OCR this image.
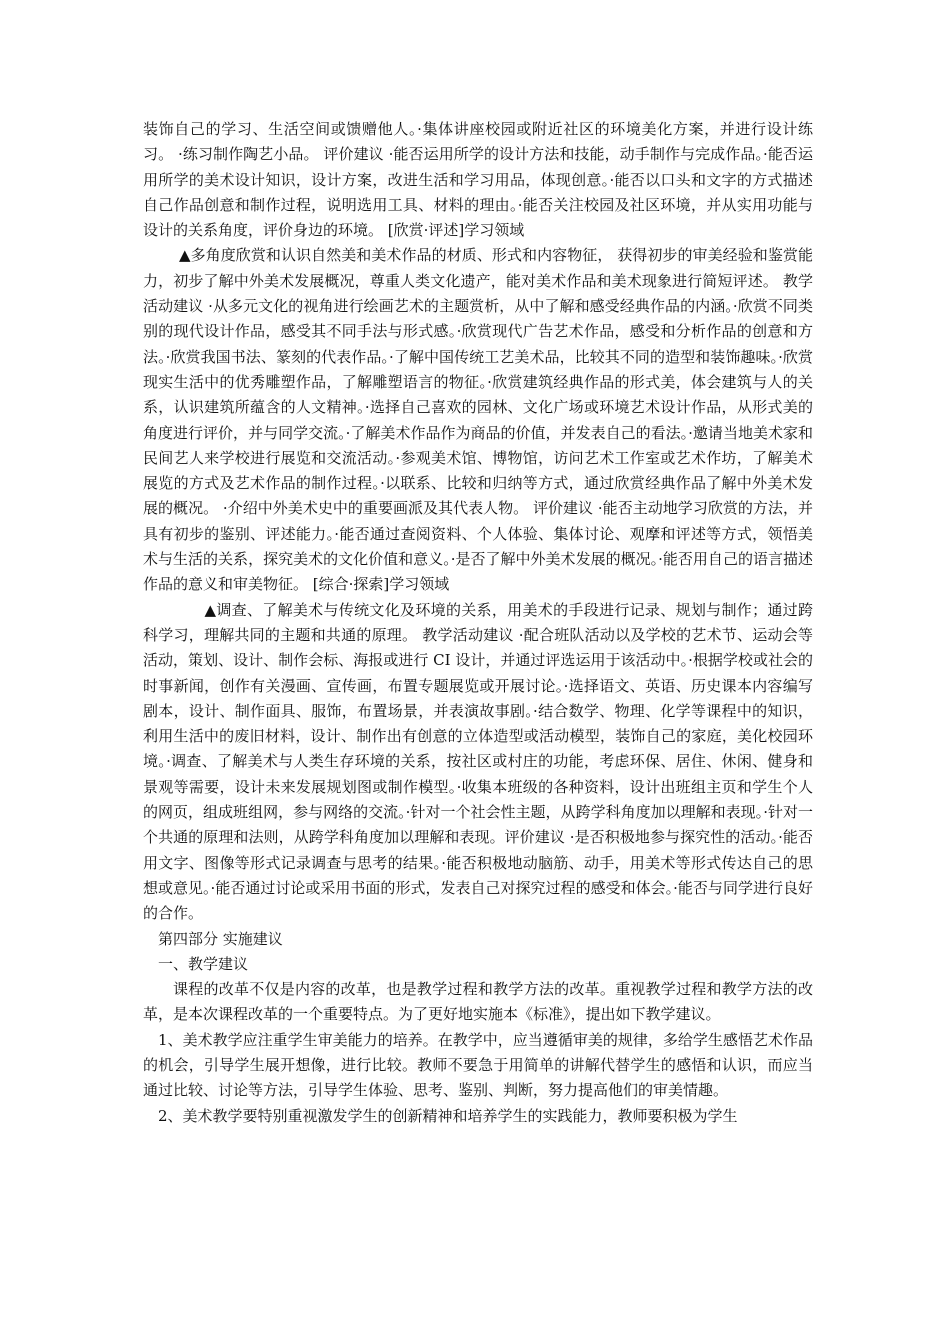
装饰自己的学习、生活空间或馈赠他人。·集体讲座校园或附近社区的环境美化方案，并进行设计练习。 ·练习制作陶艺小品。 评价建议 ·能否运用所学的设计方法和技能，动手制作与完成作品。·能否运用所学的美术设计知识，设计方案，改进生活和学习用品，体现创意。·能否以口头和文字的方式描述自己作品创意和制作过程，说明选用工具、材料的理由。·能否关注校园及社区环境，并从实用功能与设计的关系角度，评价身边的环境。 [欣赏·评述]学习领域

▲多角度欣赏和认识自然美和美术作品的材质、形式和内容物征， 获得初步的审美经验和鉴赏能力，初步了解中外美术发展概况，尊重人类文化遗产，能对美术作品和美术现象进行简短评述。 教学活动建议 ·从多元文化的视角进行绘画艺术的主题赏析，从中了解和感受经典作品的内涵。·欣赏不同类别的现代设计作品，感受其不同手法与形式感。·欣赏现代广告艺术作品，感受和分析作品的创意和方法。·欣赏我国书法、篆刻的代表作品。·了解中国传统工艺美术品，比较其不同的造型和装饰趣味。·欣赏现实生活中的优秀雕塑作品，了解雕塑语言的物征。·欣赏建筑经典作品的形式美，体会建筑与人的关系，认识建筑所蕴含的人文精神。·选择自己喜欢的园林、文化广场或环境艺术设计作品，从形式美的角度进行评价，并与同学交流。·了解美术作品作为商品的价值，并发表自己的看法。·邀请当地美术家和民间艺人来学校进行展览和交流活动。·参观美术馆、博物馆，访问艺术工作室或艺术作坊，了解美术展览的方式及艺术作品的制作过程。·以联系、比较和归纳等方式，通过欣赏经典作品了解中外美术发展的概况。 ·介绍中外美术史中的重要画派及其代表人物。 评价建议 ·能否主动地学习欣赏的方法，并具有初步的鉴别、评述能力。·能否通过查阅资料、个人体验、集体讨论、观摩和评述等方式，领悟美术与生活的关系，探究美术的文化价值和意义。·是否了解中外美术发展的概况。·能否用自己的语言描述作品的意义和审美物征。 [综合·探索]学习领域

▲调查、了解美术与传统文化及环境的关系，用美术的手段进行记录、规划与制作；通过跨科学习，理解共同的主题和共通的原理。 教学活动建议 ·配合班队活动以及学校的艺术节、运动会等活动，策划、设计、制作会标、海报或进行 CI 设计，并通过评选运用于该活动中。·根据学校或社会的时事新闻，创作有关漫画、宣传画，布置专题展览或开展讨论。·选择语文、英语、历史课本内容编写剧本，设计、制作面具、服饰，布置场景，并表演故事剧。·结合数学、物理、化学等课程中的知识，利用生活中的废旧材料，设计、制作出有创意的立体造型或活动模型，装饰自己的家庭，美化校园环境。·调查、了解美术与人类生存环境的关系，按社区或村庄的功能，考虑环保、居住、休闲、健身和景观等需要，设计未来发展规划图或制作模型。·收集本班级的各种资料，设计出班组主页和学生个人的网页，组成班组网，参与网络的交流。·针对一个社会性主题，从跨学科角度加以理解和表现。·针对一个共通的原理和法则，从跨学科角度加以理解和表现。评价建议 ·是否积极地参与探究性的活动。·能否用文字、图像等形式记录调查与思考的结果。·能否积极地动脑筋、动手，用美术等形式传达自己的思想或意见。·能否通过讨论或采用书面的形式，发表自己对探究过程的感受和体会。·能否与同学进行良好的合作。

第四部分 实施建议

一、教学建议

课程的改革不仅是内容的改革，也是教学过程和教学方法的改革。重视教学过程和教学方法的改革，是本次课程改革的一个重要特点。为了更好地实施本《标准》，提出如下教学建议。

1、美术教学应注重学生审美能力的培养。在教学中，应当遵循审美的规律，多给学生感悟艺术作品的机会，引导学生展开想像，进行比较。教师不要急于用简单的讲解代替学生的感悟和认识，而应当通过比较、讨论等方法，引导学生体验、思考、鉴别、判断，努力提高他们的审美情趣。

2、美术教学要特别重视激发学生的创新精神和培养学生的实践能力，教师要积极为学生
